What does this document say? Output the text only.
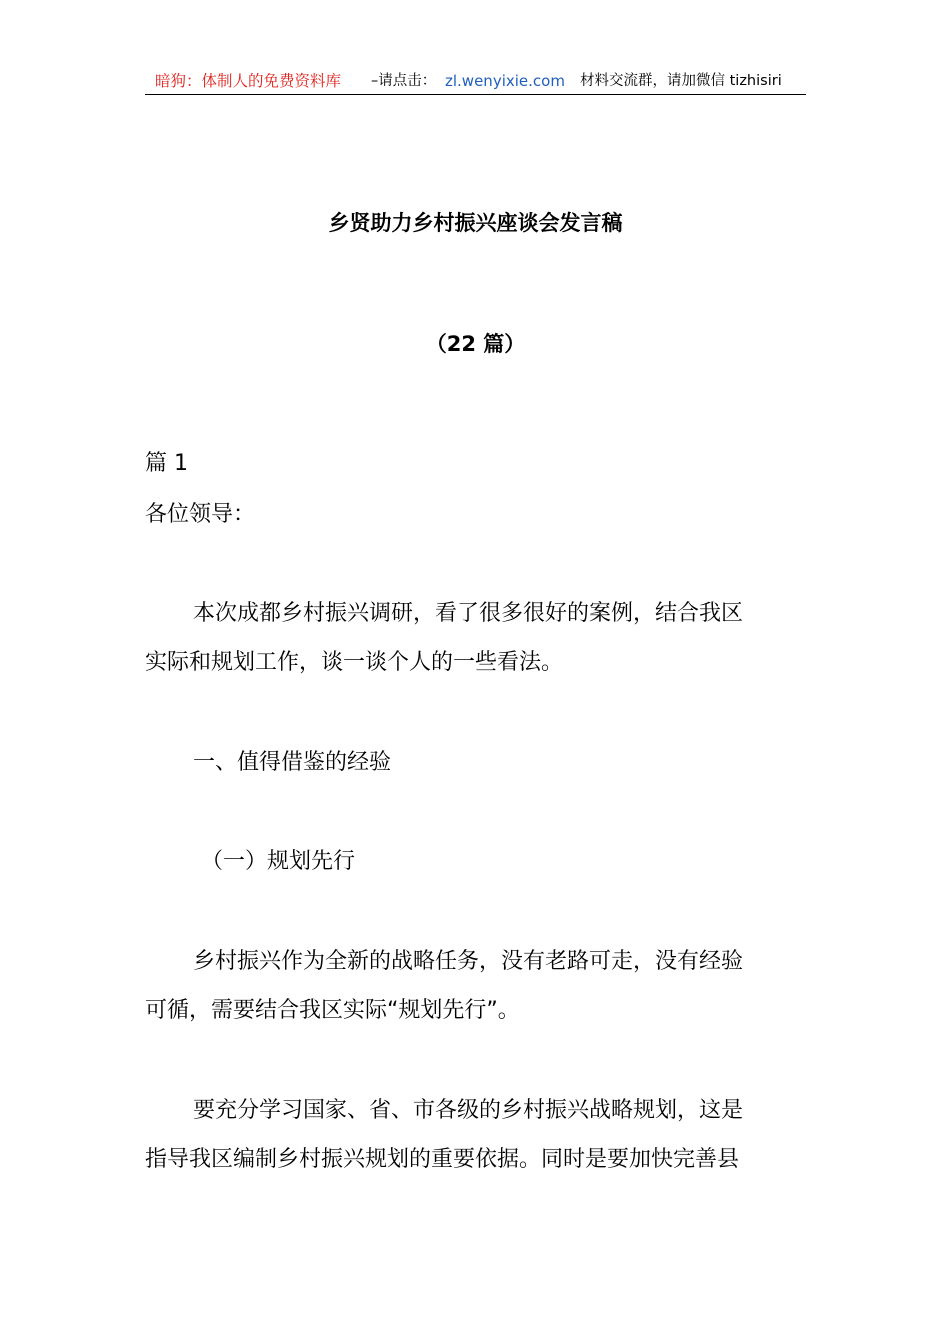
暗狗：体制人的免费资料库 –请点击： zl.wenyixie.com 材料交流群，请加微信 tizhisiri
乡贤助力乡村振兴座谈会发言稿
（22 篇）

篇 1

各位领导：

本次成都乡村振兴调研，看了很多很好的案例，结合我区
实际和规划工作，谈一谈个人的一些看法。

一、值得借鉴的经验

（一）规划先行

乡村振兴作为全新的战略任务，没有老路可走，没有经验
可循，需要结合我区实际“规划先行”。
要充分学习国家、省、市各级的乡村振兴战略规划，这是
指导我区编制乡村振兴规划的重要依据。同时是要加快完善县
